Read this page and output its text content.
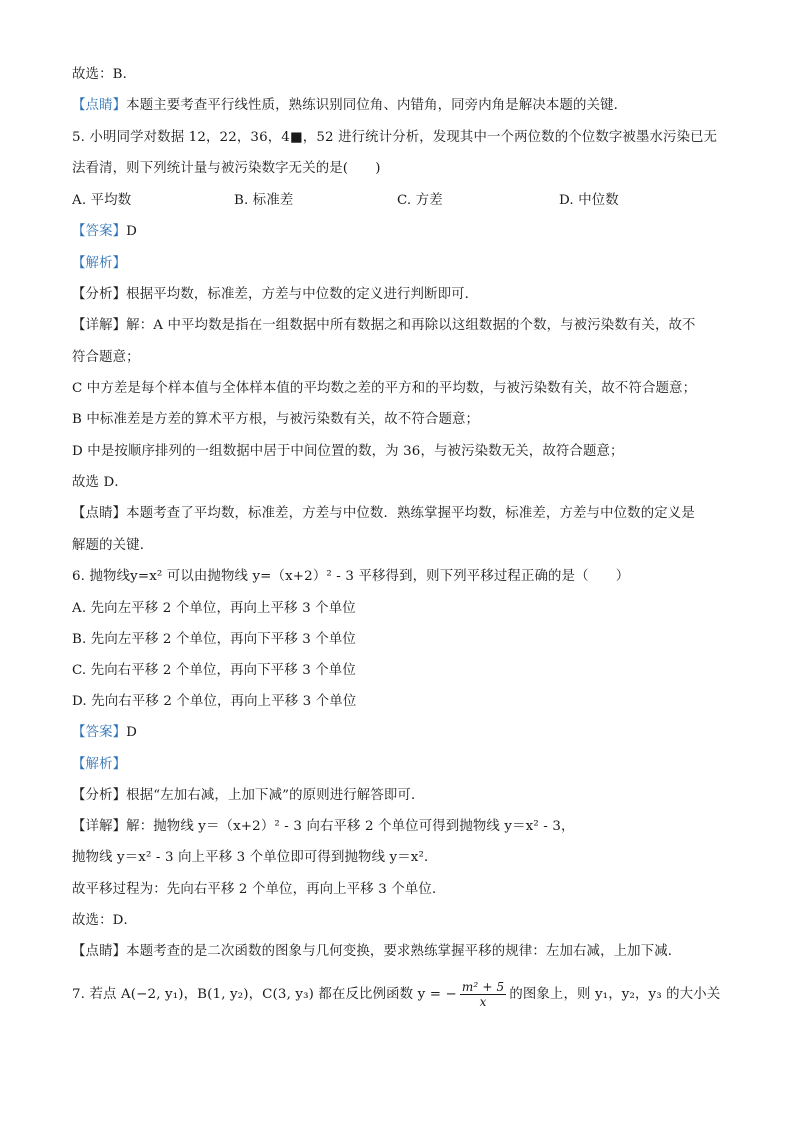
故选：B．
【点睛】本题主要考查平行线性质，熟练识别同位角、内错角，同旁内角是解决本题的关键．
5. 小明同学对数据 12，22，36，4■，52 进行统计分析，发现其中一个两位数的个位数字被墨水污染已无
法看清，则下列统计量与被污染数字无关的是(　　)
A. 平均数	B. 标准差	C. 方差	D. 中位数
【答案】D
【解析】
【分析】根据平均数，标准差，方差与中位数的定义进行判断即可．
【详解】解：A 中平均数是指在一组数据中所有数据之和再除以这组数据的个数，与被污染数有关，故不
符合题意；
C 中方差是每个样本值与全体样本值的平均数之差的平方和的平均数，与被污染数有关，故不符合题意；
B 中标准差是方差的算术平方根，与被污染数有关，故不符合题意；
D 中是按顺序排列的一组数据中居于中间位置的数，为 36，与被污染数无关，故符合题意；
故选 D．
【点睛】本题考查了平均数，标准差，方差与中位数．熟练掌握平均数，标准差，方差与中位数的定义是
解题的关键．
6. 抛物线y=x² 可以由抛物线 y=（x+2）² - 3 平移得到，则下列平移过程正确的是（　　）
A. 先向左平移 2 个单位，再向上平移 3 个单位
B. 先向左平移 2 个单位，再向下平移 3 个单位
C. 先向右平移 2 个单位，再向下平移 3 个单位
D. 先向右平移 2 个单位，再向上平移 3 个单位
【答案】D
【解析】
【分析】根据“左加右减，上加下减”的原则进行解答即可．
【详解】解：抛物线 y＝（x+2）² - 3 向右平移 2 个单位可得到抛物线 y＝x² - 3，
抛物线 y＝x² - 3 向上平移 3 个单位即可得到抛物线 y＝x²．
故平移过程为：先向右平移 2 个单位，再向上平移 3 个单位．
故选：D．
【点睛】本题考查的是二次函数的图象与几何变换，要求熟练掌握平移的规律：左加右减，上加下减．
7. 若点 A(−2, y₁)，B(1, y₂)，C(3, y₃) 都在反比例函数 y = − $\frac{\text{m² + 5}}{x}$ 的图象上，则 y₁，y₂，y₃ 的大小关
